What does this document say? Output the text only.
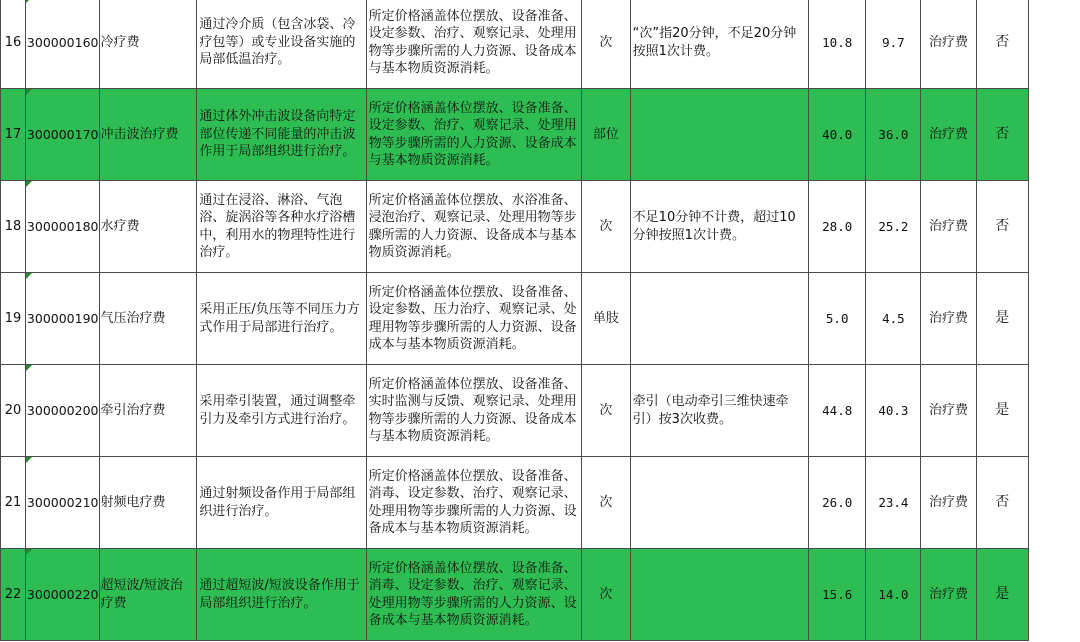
16	300000160	冷疗费	通过冷介质（包含冰袋、冷疗包等）或专业设备实施的局部低温治疗。	所定价格涵盖体位摆放、设备准备、设定参数、治疗、观察记录、处理用物等步骤所需的人力资源、设备成本与基本物质资源消耗。	次	“次”指20分钟，不足20分钟按照1次计费。	10.8	9.7	治疗费	否
17	300000170	冲击波治疗费	通过体外冲击波设备向特定部位传递不同能量的冲击波作用于局部组织进行治疗。	所定价格涵盖体位摆放、设备准备、设定参数、治疗、观察记录、处理用物等步骤所需的人力资源、设备成本与基本物质资源消耗。	部位		40.0	36.0	治疗费	否
18	300000180	水疗费	通过在浸浴、淋浴、气泡浴、旋涡浴等各种水疗浴槽中，利用水的物理特性进行治疗。	所定价格涵盖体位摆放、水浴准备、浸泡治疗、观察记录、处理用物等步骤所需的人力资源、设备成本与基本物质资源消耗。	次	不足10分钟不计费，超过10分钟按照1次计费。	28.0	25.2	治疗费	否
19	300000190	气压治疗费	采用正压/负压等不同压力方式作用于局部进行治疗。	所定价格涵盖体位摆放、设备准备、设定参数、压力治疗、观察记录、处理用物等步骤所需的人力资源、设备成本与基本物质资源消耗。	单肢		5.0	4.5	治疗费	是
20	300000200	牵引治疗费	采用牵引装置，通过调整牵引力及牵引方式进行治疗。	所定价格涵盖体位摆放、设备准备、实时监测与反馈、观察记录、处理用物等步骤所需的人力资源、设备成本与基本物质资源消耗。	次	牵引（电动牵引三维快速牵引）按3次收费。	44.8	40.3	治疗费	是
21	300000210	射频电疗费	通过射频设备作用于局部组织进行治疗。	所定价格涵盖体位摆放、设备准备、消毒、设定参数、治疗、观察记录、处理用物等步骤所需的人力资源、设备成本与基本物质资源消耗。	次		26.0	23.4	治疗费	否
22	300000220	超短波/短波治疗费	通过超短波/短波设备作用于局部组织进行治疗。	所定价格涵盖体位摆放、设备准备、消毒、设定参数、治疗、观察记录、处理用物等步骤所需的人力资源、设备成本与基本物质资源消耗。	次		15.6	14.0	治疗费	是
